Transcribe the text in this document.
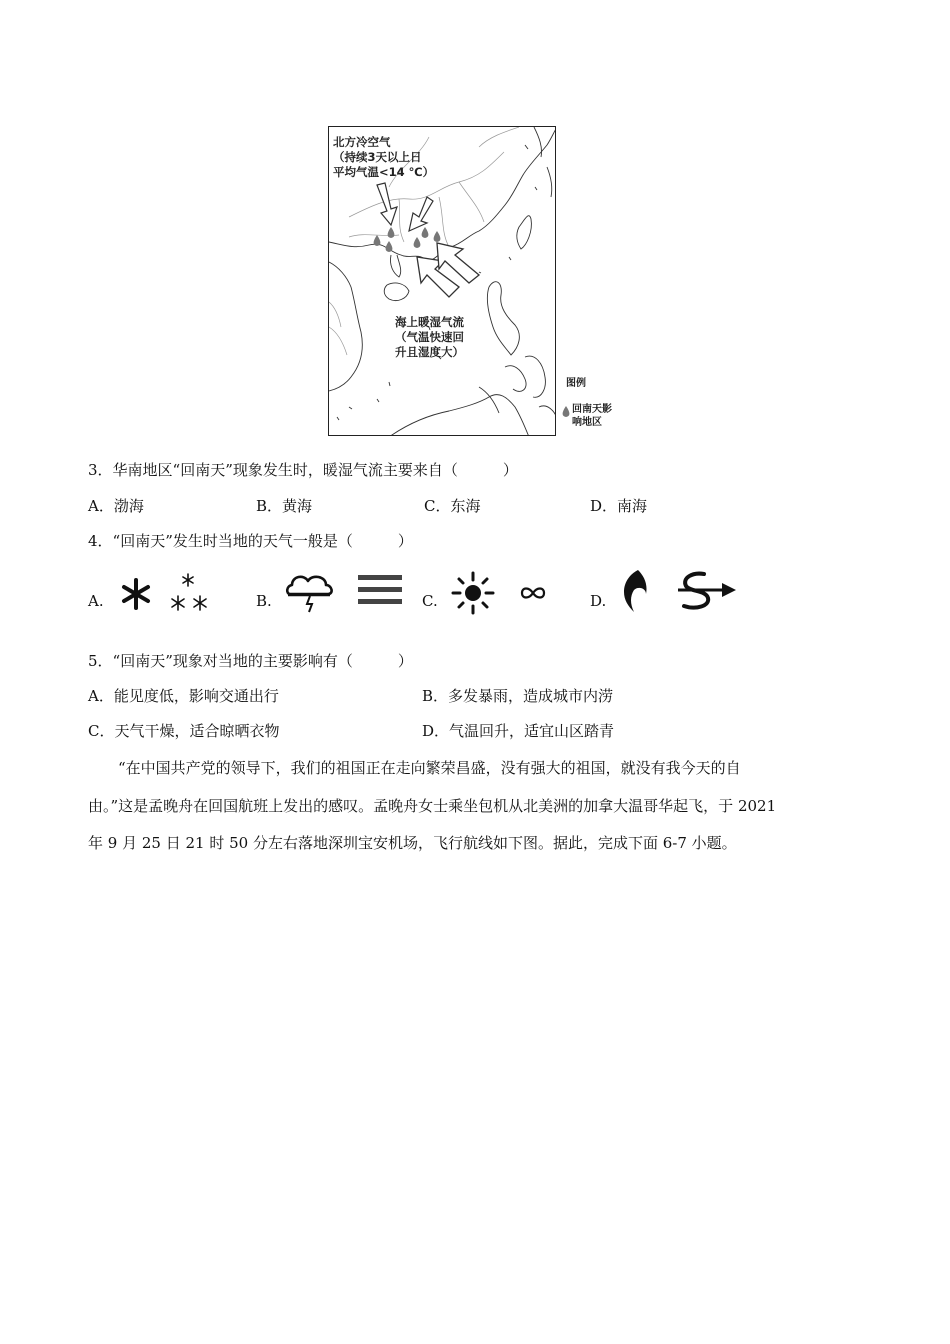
北方冷空气
（持续3天以上日
平均气温<14 ℃）
海上暖湿气流
（气温快速回
升且湿度大）
图例
回南天影
响地区
3．华南地区“回南天”现象发生时，暖湿气流主要来自（　　　）
A．渤海	B．黄海	C．东海	D．南海
4．“回南天”发生时当地的天气一般是（　　　）
A.	B.	C.	D.
5．“回南天”现象对当地的主要影响有（　　　）
A．能见度低，影响交通出行	B．多发暴雨，造成城市内涝
C．天气干燥，适合晾晒衣物	D．气温回升，适宜山区踏青
“在中国共产党的领导下，我们的祖国正在走向繁荣昌盛，没有强大的祖国，就没有我今天的自
由。”这是孟晚舟在回国航班上发出的感叹。孟晚舟女士乘坐包机从北美洲的加拿大温哥华起飞，于 2021
年 9 月 25 日 21 时 50 分左右落地深圳宝安机场，飞行航线如下图。据此，完成下面 6-7 小题。
